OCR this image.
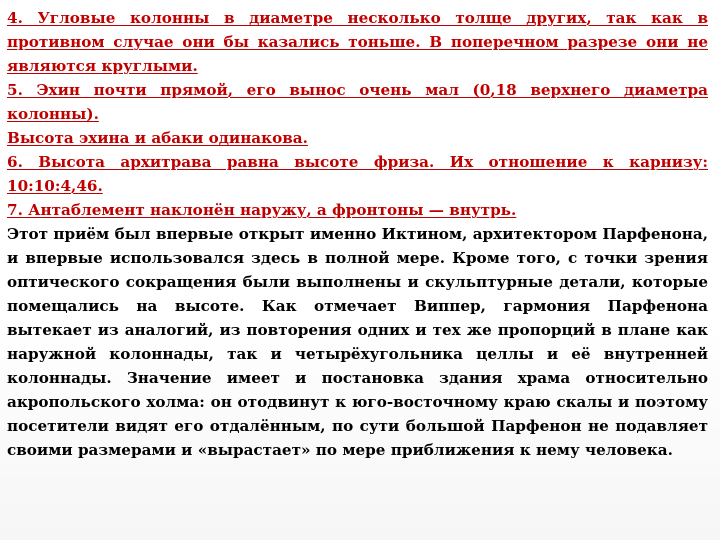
4. Угловые колонны в диаметре несколько толще других, так как в противном случае они бы казались тоньше. В поперечном разрезе они не являются круглыми.

5. Эхин почти прямой, его вынос очень мал (0,18 верхнего диаметра колонны).

Высота эхина и абаки одинакова.

6. Высота архитрава равна высоте фриза. Их отношение к карнизу: 10:10:4,46.

7. Антаблемент наклонён наружу, а фронтоны — внутрь.

Этот приём был впервые открыт именно Иктином, архитектором Парфенона, и впервые использовался здесь в полной мере. Кроме того, с точки зрения оптического сокращения были выполнены и скульптурные детали, которые помещались на высоте. Как отмечает Виппер, гармония Парфенона вытекает из аналогий, из повторения одних и тех же пропорций в плане как наружной колоннады, так и четырёхугольника целлы и её внутренней колоннады. Значение имеет и постановка здания храма относительно акропольского холма: он отодвинут к юго-восточному краю скалы и поэтому посетители видят его отдалённым, по сути большой Парфенон не подавляет своими размерами и «вырастает» по мере приближения к нему человека.
